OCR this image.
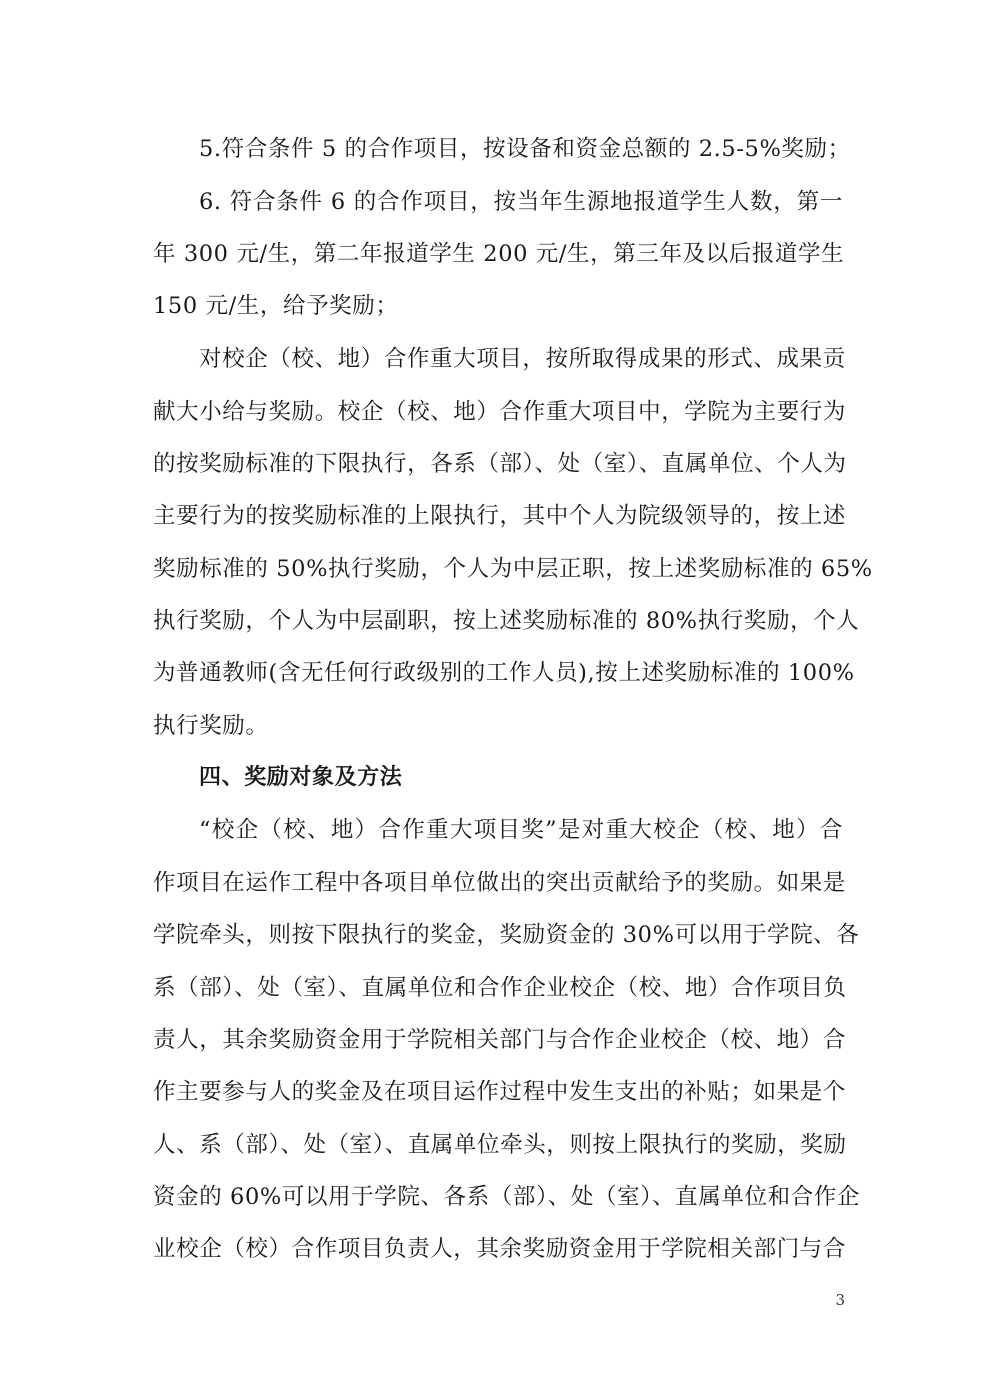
5.符合条件 5 的合作项目，按设备和资金总额的 2.5-5%奖励；
6. 符合条件 6 的合作项目，按当年生源地报道学生人数，第一
年 300 元/生，第二年报道学生 200 元/生，第三年及以后报道学生
150 元/生，给予奖励；
对校企（校、地）合作重大项目，按所取得成果的形式、成果贡
献大小给与奖励。校企（校、地）合作重大项目中，学院为主要行为
的按奖励标准的下限执行，各系（部）、处（室）、直属单位、个人为
主要行为的按奖励标准的上限执行，其中个人为院级领导的，按上述
奖励标准的 50%执行奖励，个人为中层正职，按上述奖励标准的 65%
执行奖励，个人为中层副职，按上述奖励标准的 80%执行奖励，个人
为普通教师(含无任何行政级别的工作人员),按上述奖励标准的 100%
执行奖励。
四、奖励对象及方法
“校企（校、地）合作重大项目奖”是对重大校企（校、地）合
作项目在运作工程中各项目单位做出的突出贡献给予的奖励。如果是
学院牵头，则按下限执行的奖金，奖励资金的 30%可以用于学院、各
系（部）、处（室）、直属单位和合作企业校企（校、地）合作项目负
责人，其余奖励资金用于学院相关部门与合作企业校企（校、地）合
作主要参与人的奖金及在项目运作过程中发生支出的补贴；如果是个
人、系（部）、处（室）、直属单位牵头，则按上限执行的奖励，奖励
资金的 60%可以用于学院、各系（部）、处（室）、直属单位和合作企
业校企（校）合作项目负责人，其余奖励资金用于学院相关部门与合
3
